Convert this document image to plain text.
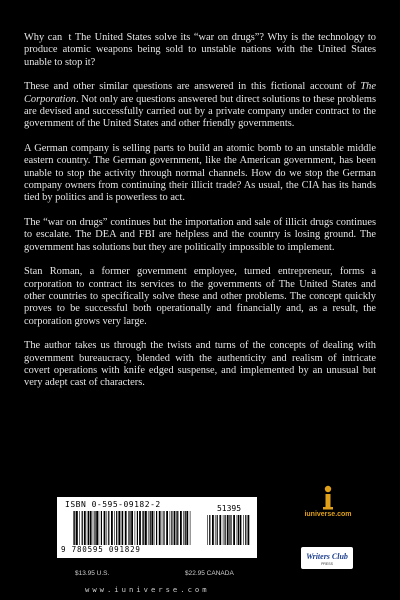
Why cant The United States solve its “war on drugs”? Why is the technology to produce atomic weapons being sold to unstable nations with the United States unable to stop it?

These and other similar questions are answered in this fictional account of The Corporation. Not only are questions answered but direct solutions to these problems are devised and successfully carried out by a private company under contract to the government of the United States and other friendly governments.

A German company is selling parts to build an atomic bomb to an unstable middle eastern country. The German government, like the American government, has been unable to stop the activity through normal channels. How do we stop the German company owners from continuing their illicit trade? As usual, the CIA has its hands tied by politics and is powerless to act.

The “war on drugs” continues but the importation and sale of illicit drugs continues to escalate. The DEA and FBI are helpless and the country is losing ground. The government has solutions but they are politically impossible to implement.

Stan Roman, a former government employee, turned entrepreneur, forms a corporation to contract its services to the governments of The United States and other countries to specifically solve these and other problems. The concept quickly proves to be successful both operationally and financially and, as a result, the corporation grows very large.

The author takes us through the twists and turns of the concepts of dealing with government bureaucracy, blended with the authenticity and realism of intricate covert operations with knife edged suspense, and implemented by an unusual but very adept cast of characters.

ISBN 0-595-09182-2	51395
9 780595 091829
$13.95 U.S.	$22.95 CANADA
www.iuniverse.com
iuniverse.com
Writers Club
PRESS
